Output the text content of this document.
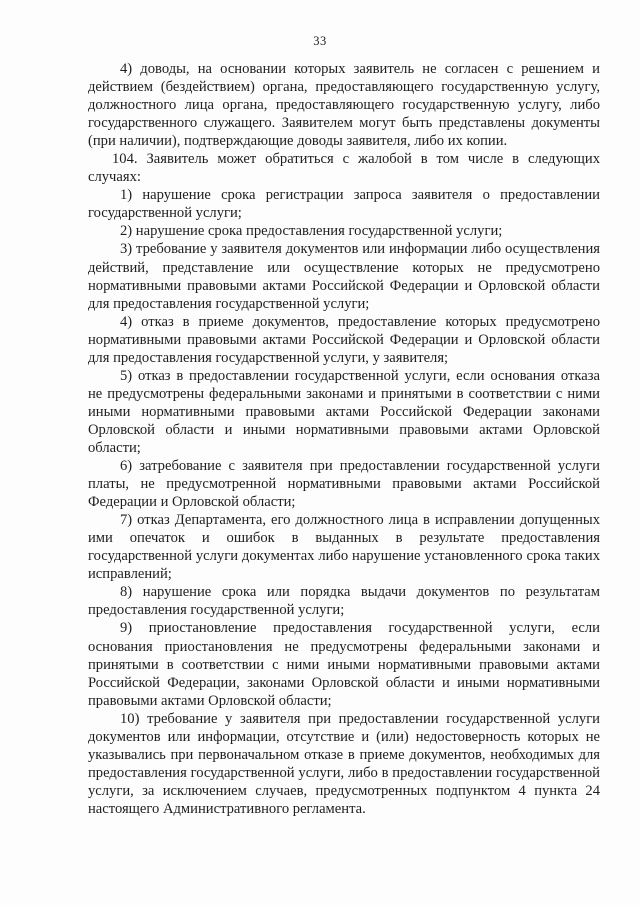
33

4) доводы, на основании которых заявитель не согласен с решением и действием (бездействием) органа, предоставляющего государственную услугу, должностного лица органа, предоставляющего государственную услугу, либо государственного служащего. Заявителем могут быть представлены документы (при наличии), подтверждающие доводы заявителя, либо их копии.

104. Заявитель может обратиться с жалобой в том числе в следующих случаях:

1) нарушение срока регистрации запроса заявителя о предоставлении государственной услуги;

2) нарушение срока предоставления государственной услуги;

3) требование у заявителя документов или информации либо осуществления действий, представление или осуществление которых не предусмотрено нормативными правовыми актами Российской Федерации и Орловской области для предоставления государственной услуги;

4) отказ в приеме документов, предоставление которых предусмотрено нормативными правовыми актами Российской Федерации и Орловской области для предоставления государственной услуги, у заявителя;

5) отказ в предоставлении государственной услуги, если основания отказа не предусмотрены федеральными законами и принятыми в соответствии с ними иными нормативными правовыми актами Российской Федерации законами Орловской области и иными нормативными правовыми актами Орловской области;

6) затребование с заявителя при предоставлении государственной услуги платы, не предусмотренной нормативными правовыми актами Российской Федерации и Орловской области;

7) отказ Департамента, его должностного лица в исправлении допущенных ими опечаток и ошибок в выданных в результате предоставления государственной услуги документах либо нарушение установленного срока таких исправлений;

8) нарушение срока или порядка выдачи документов по результатам предоставления государственной услуги;

9) приостановление предоставления государственной услуги, если основания приостановления не предусмотрены федеральными законами и принятыми в соответствии с ними иными нормативными правовыми актами Российской Федерации, законами Орловской области и иными нормативными правовыми актами Орловской области;

10) требование у заявителя при предоставлении государственной услуги документов или информации, отсутствие и (или) недостоверность которых не указывались при первоначальном отказе в приеме документов, необходимых для предоставления государственной услуги, либо в предоставлении государственной услуги, за исключением случаев, предусмотренных подпунктом 4 пункта 24 настоящего Административного регламента.
